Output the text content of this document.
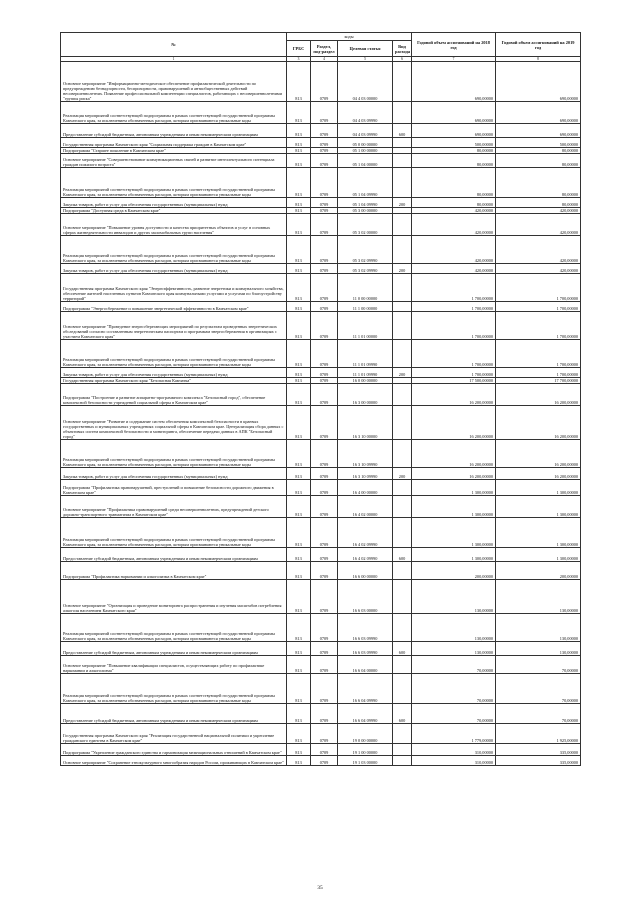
№	коды				Годовой объем ассигнований на 2018 год	Годовой объем ассигнований на 2019 год
	ГРБС	Раздел, под-раздел	Целевая статья	Вид расхода		
1	3	4	5	6	7	8
Основное мероприятие "Информационно-методическое обеспечение профилактической деятельности по предупреждению безнадзорности, беспризорности, правонарушений и антиобщественных действий несовершеннолетних. Появление профессиональной компетенции специалистов, работающих с несовершеннолетними "группы риска"	813	0709	04 4 03 00000		690,00000	690,00000
Реализация мероприятий соответствующей подпрограммы в рамках соответствующей государственной программы Камчатского края, за исключением обозначенных расходов, которым присваиваются уникальные коды	813	0709	04 4 03 09990		690,00000	690,00000
Предоставление субсидий бюджетным, автономным учреждениям и иным некоммерческим организациям	813	0709	04 4 03 09990	600	690,00000	690,00000
Государственная программа Камчатского края "Социальная поддержка граждан в Камчатском крае"	813	0709	05 0 00 00000		500,00000	500,00000
Подпрограмма "Старшее поколение в Камчатском крае"	813	0709	05 1 00 00000		80,00000	80,00000
Основное мероприятие "Совершенствование коммуникационных связей и развитие интеллектуального потенциала граждан пожилого возраста"	813	0709	05 1 04 00000		80,00000	80,00000
Реализация мероприятий соответствующей подпрограммы в рамках соответствующей государственной программы Камчатского края, за исключением обозначенных расходов, которым присваиваются уникальные коды	813	0709	05 1 04 09990		80,00000	80,00000
Закупка товаров, работ и услуг для обеспечения государственных (муниципальных) нужд	813	0709	05 1 04 09990	200	80,00000	80,00000
Подпрограмма "Доступная среда в Камчатском крае"	813	0709	05 3 00 00000		420,00000	420,00000
Основное мероприятие "Повышение уровня доступности и качества приоритетных объектов и услуг в основных сферах жизнедеятельности инвалидов и других маломобильных групп населения"	813	0709	05 3 02 00000		420,00000	420,00000
Реализация мероприятий соответствующей подпрограммы в рамках соответствующей государственной программы Камчатского края, за исключением обозначенных расходов, которым присваиваются уникальные коды	813	0709	05 3 02 09990		420,00000	420,00000
Закупка товаров, работ и услуг для обеспечения государственных (муниципальных) нужд	813	0709	05 3 02 09990	200	420,00000	420,00000
Государственная программа Камчатского края "Энергоэффективность, развитие энергетики и коммунального хозяйства, обеспечение жителей населенных пунктов Камчатского края коммунальными услугами и услугами по благоустройству территорий"	813	0709	11 0 00 00000		1 700,00000	1 700,00000
Подпрограмма "Энергосбережение и повышение энергетической эффективности в Камчатском крае"	813	0709	11 1 00 00000		1 700,00000	1 700,00000
Основное мероприятие "Проведение энергосберегающих мероприятий по результатам проведенных энергетических обследований согласно составленным энергетическим паспортам и программам энергосбережения в организациях с участием Камчатского края"	813	0709	11 1 01 00000		1 700,00000	1 700,00000
Реализация мероприятий соответствующей подпрограммы в рамках соответствующей государственной программы Камчатского края, за исключением обозначенных расходов, которым присваиваются уникальные коды	813	0709	11 1 01 09990		1 700,00000	1 700,00000
Закупка товаров, работ и услуг для обеспечения государственных (муниципальных) нужд	813	0709	11 1 01 09990	200	1 700,00000	1 700,00000
Государственная программа Камчатского края "Безопасная Камчатка"	813	0709	16 0 00 00000		17 500,00000	17 700,00000
Подпрограмма "Построение и развитие аппаратно-программного комплекса "Безопасный город", обеспечение комплексной безопасности учреждений социальной сферы в Камчатском крае"	813	0709	16 3 00 00000		16 200,00000	16 200,00000
Основное мероприятие "Развитие и содержание систем обеспечения комплексной безопасности в краевых государственных и муниципальных учреждениях социальной сферы в Камчатском крае. Централизация сбора данных с объектовых систем комплексной безопасности и мониторинга, обеспечение передачи данных в АПК "Безопасный город"	813	0709	16 3 10 00000		16 200,00000	16 200,00000
Реализация мероприятий соответствующей подпрограммы в рамках соответствующей государственной программы Камчатского края, за исключением обозначенных расходов, которым присваиваются уникальные коды	813	0709	16 3 10 09990		16 200,00000	16 200,00000
Закупка товаров, работ и услуг для обеспечения государственных (муниципальных) нужд	813	0709	16 3 10 09990	200	16 200,00000	16 200,00000
Подпрограмма "Профилактика правонарушений, преступлений и повышение безопасности дорожного движения в Камчатском крае"	813	0709	16 4 00 00000		1 300,00000	1 300,00000
Основное мероприятие "Профилактика правонарушений среди несовершеннолетних, предупреждений детского дорожно-транспортного травматизма в Камчатском крае"	813	0709	16 4 02 00000		1 300,00000	1 300,00000
Реализация мероприятий соответствующей подпрограммы в рамках соответствующей государственной программы Камчатского края, за исключением обозначенных расходов, которым присваиваются уникальные коды	813	0709	16 4 02 09990		1 300,00000	1 300,00000
Предоставление субсидий бюджетным, автономным учреждениям и иным некоммерческим организациям	813	0709	16 4 02 09990	600	1 300,00000	1 300,00000
Подпрограмма "Профилактика наркомании и алкоголизма в Камчатском крае"	813	0709	16 6 00 00000		200,00000	200,00000
Основное мероприятие "Организация и проведение мониторинга распространения и изучения масштабов потребления алкоголя населением Камчатского края"	813	0709	16 6 03 00000		130,00000	130,00000
Реализация мероприятий соответствующей подпрограммы в рамках соответствующей государственной программы Камчатского края, за исключением обозначенных расходов, которым присваиваются уникальные коды	813	0709	16 6 03 09990		130,00000	130,00000
Предоставление субсидий бюджетным, автономным учреждениям и иным некоммерческим организациям	813	0709	16 6 03 09990	600	130,00000	130,00000
Основное мероприятие "Повышение квалификации специалистов, осуществляющих работу по профилактике наркомании и алкоголизма"	813	0709	16 6 04 00000		70,00000	70,00000
Реализация мероприятий соответствующей подпрограммы в рамках соответствующей государственной программы Камчатского края, за исключением обозначенных расходов, которым присваиваются уникальные коды	813	0709	16 6 04 09990		70,00000	70,00000
Предоставление субсидий бюджетным, автономным учреждениям и иным некоммерческим организациям	813	0709	16 6 04 09990	600	70,00000	70,00000
Государственная программа Камчатского края "Реализация государственной национальной политики и укрепление гражданского единства в Камчатском крае"	813	0709	19 0 00 00000		1 779,00000	1 925,00000
Подпрограмма "Укрепление гражданского единства и гармонизация межнациональных отношений в Камчатском крае"	813	0709	19 1 00 00000		310,00000	335,00000
Основное мероприятие "Сохранение этнокультурного многообразия народов России, проживающих в Камчатском крае"	813	0709	19 1 03 00000		310,00000	335,00000
35
